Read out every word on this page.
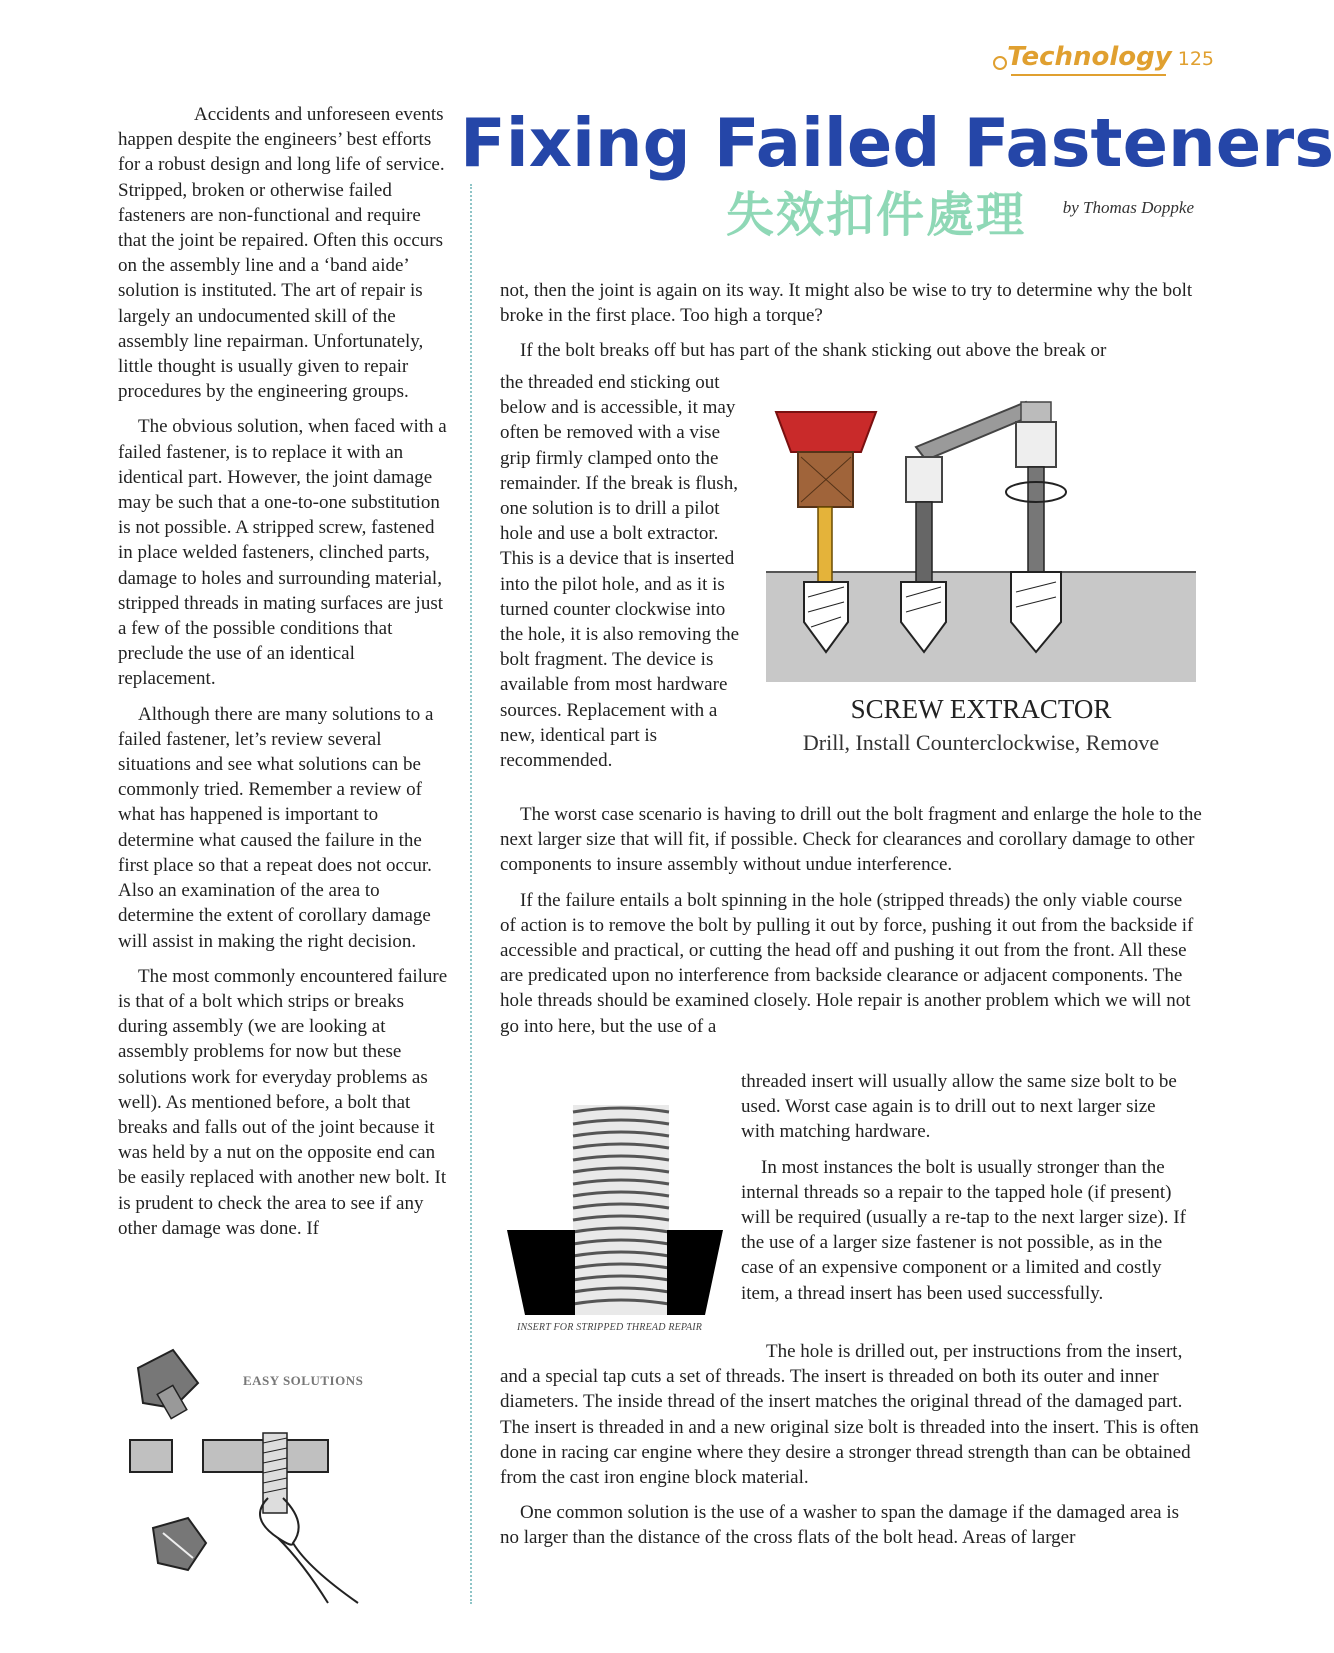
Technology 125
Fixing Failed Fasteners
失效扣件處理 by Thomas Doppke

Accidents and unforeseen events happen despite the engineers’ best efforts for a robust design and long life of service. Stripped, broken or otherwise failed fasteners are non-functional and require that the joint be repaired. Often this occurs on the assembly line and a ‘band aide’ solution is instituted. The art of repair is largely an undocumented skill of the assembly line repairman. Unfortunately, little thought is usually given to repair procedures by the engineering groups.

The obvious solution, when faced with a failed fastener, is to replace it with an identical part. However, the joint damage may be such that a one-to-one substitution is not possible. A stripped screw, fastened in place welded fasteners, clinched parts, damage to holes and surrounding material, stripped threads in mating surfaces are just a few of the possible conditions that preclude the use of an identical replacement.

Although there are many solutions to a failed fastener, let’s review several situations and see what solutions can be commonly tried. Remember a review of what has happened is important to determine what caused the failure in the first place so that a repeat does not occur. Also an examination of the area to determine the extent of corollary damage will assist in making the right decision.

The most commonly encountered failure is that of a bolt which strips or breaks during assembly (we are looking at assembly problems for now but these solutions work for everyday problems as well). As mentioned before, a bolt that breaks and falls out of the joint because it was held by a nut on the opposite end can be easily replaced with another new bolt. It is prudent to check the area to see if any other damage was done. If

not, then the joint is again on its way. It might also be wise to try to determine why the bolt broke in the first place. Too high a torque?

If the bolt breaks off but has part of the shank sticking out above the break or

the threaded end sticking out below and is accessible, it may often be removed with a vise grip firmly clamped onto the remainder. If the break is flush, one solution is to drill a pilot hole and use a bolt extractor. This is a device that is inserted into the pilot hole, and as it is turned counter clockwise into the hole, it is also removing the bolt fragment. The device is available from most hardware sources. Replacement with a new, identical part is recommended.

SCREW EXTRACTOR
Drill, Install Counterclockwise, Remove

The worst case scenario is having to drill out the bolt fragment and enlarge the hole to the next larger size that will fit, if possible. Check for clearances and corollary damage to other components to insure assembly without undue interference.

If the failure entails a bolt spinning in the hole (stripped threads) the only viable course of action is to remove the bolt by pulling it out by force, pushing it out from the backside if accessible and practical, or cutting the head off and pushing it out from the front. All these are predicated upon no interference from backside clearance or adjacent components. The hole threads should be examined closely. Hole repair is another problem which we will not go into here, but the use of a

threaded insert will usually allow the same size bolt to be used. Worst case again is to drill out to next larger size with matching hardware.

In most instances the bolt is usually stronger than the internal threads so a repair to the tapped hole (if present) will be required (usually a re-tap to the next larger size). If the use of a larger size fastener is not possible, as in the case of an expensive component or a limited and costly item, a thread insert has been used successfully.

INSERT FOR STRIPPED THREAD REPAIR

The hole is drilled out, per instructions from the insert, and a special tap cuts a set of threads. The insert is threaded on both its outer and inner diameters. The inside thread of the insert matches the original thread of the damaged part. The insert is threaded in and a new original size bolt is threaded into the insert. This is often done in racing car engine where they desire a stronger thread strength than can be obtained from the cast iron engine block material.

One common solution is the use of a washer to span the damage if the damaged area is no larger than the distance of the cross flats of the bolt head. Areas of larger

EASY SOLUTIONS
